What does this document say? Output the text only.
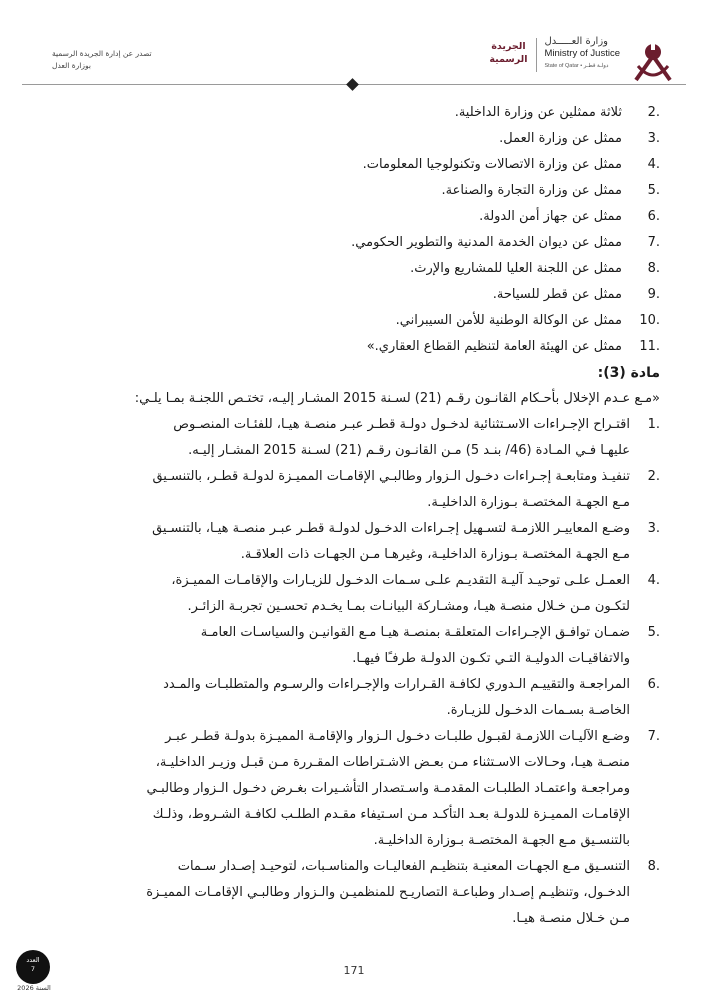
وزارة العـــــدل
Ministry of Justice
State of Qatar • دولـة قطـر
الجريدة
الرسمية
تصدر عن إدارة الجريدة الرسمية
بوزارة العدل
2.
ثلاثة ممثلين عن وزارة الداخلية.
3.
ممثل عن وزارة العمل.
4.
ممثل عن وزارة الاتصالات وتكنولوجيا المعلومات.
5.
ممثل عن وزارة التجارة والصناعة.
6.
ممثل عن جهاز أمن الدولة.
7.
ممثل عن ديوان الخدمة المدنية والتطوير الحكومي.
8.
ممثل عن اللجنة العليا للمشاريع والإرث.
9.
ممثل عن قطر للسياحة.
10.
ممثل عن الوكالة الوطنية للأمن السيبراني.
11.
ممثل عن الهيئة العامة لتنظيم القطاع العقاري.»
مادة (3):
«مـع عـدم الإخلال بأحـكام القانـون رقـم (21) لسـنة 2015 المشـار إليـه، تختـص اللجنـة بمـا يلـي:
1.
اقتـراح الإجـراءات الاسـتثنائية لدخـول دولـة قطـر عبـر منصـة هيـا، للفئـات المنصـوص
عليهـا فـي المـادة (46/ بنـد 5) مـن القانـون رقـم (21) لسـنة 2015 المشـار إليـه.
2.
تنفيـذ ومتابعـة إجـراءات دخـول الـزوار وطالبـي الإقامـات المميـزة لدولـة قطـر، بالتنسـيق
مـع الجهـة المختصـة بـوزارة الداخليـة.
3.
وضـع المعاييـر اللازمـة لتسـهيل إجـراءات الدخـول لدولـة قطـر عبـر منصـة هيـا، بالتنسـيق
مـع الجهـة المختصـة بـوزارة الداخليـة، وغيرهـا مـن الجهـات ذات العلاقـة.
4.
العمـل علـى توحيـد آليـة التقديـم علـى سـمات الدخـول للزيـارات والإقامـات المميـزة،
لتكـون مـن خـلال منصـة هيـا، ومشـاركة البيانـات بمـا يخـدم تحسـين تجربـة الزائـر.
5.
ضمـان توافـق الإجـراءات المتعلقـة بمنصـة هيـا مـع القوانيـن والسياسـات العامـة
والاتفاقيـات الدوليـة التـي تكـون الدولـة طرفـًا فيهـا.
6.
المراجعـة والتقييـم الـدوري لكافـة القـرارات والإجـراءات والرسـوم والمتطلبـات والمـدد
الخاصـة بسـمات الدخـول للزيـارة.
7.
وضـع الآليـات اللازمـة لقبـول طلبـات دخـول الـزوار والإقامـة المميـزة بدولـة قطـر عبـر
منصـة هيـا، وحـالات الاسـتثناء مـن بعـض الاشـتراطات المقـررة مـن قبـل وزيـر الداخليـة،
ومراجعـة واعتمـاد الطلبـات المقدمـة واسـتصدار التأشـيرات بغـرض دخـول الـزوار وطالبـي
الإقامـات المميـزة للدولـة بعـد التأكـد مـن اسـتيفاء مقـدم الطلـب لكافـة الشـروط، وذلـك
بالتنسـيق مـع الجهـة المختصـة بـوزارة الداخليـة.
8.
التنسـيق مـع الجهـات المعنيـة بتنظيـم الفعاليـات والمناسـبات، لتوحيـد إصـدار سـمات
الدخـول، وتنظيـم إصـدار وطباعـة التصاريـح للمنظميـن والـزوار وطالبـي الإقامـات المميـزة
مـن خـلال منصـة هيـا.
171
العدد
7
السنة 2026
